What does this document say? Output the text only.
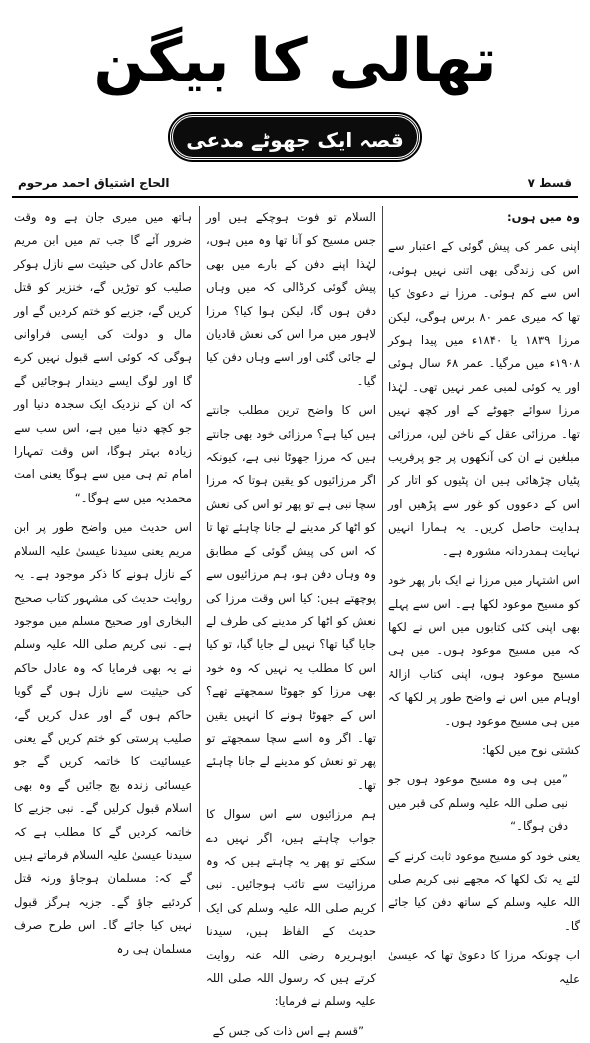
تھالی کا بیگن
قصہ ایک جھوٹے مدعی نبوت کا
الحاج اشتیاق احمد مرحوم	قسط ۷

وہ میں ہوں:

اپنی عمر کی پیش گوئی کے اعتبار سے اس کی زندگی بھی اتنی نہیں ہوئی، اس سے کم ہوئی۔ مرزا نے دعویٰ کیا تھا کہ میری عمر ۸۰ برس ہوگی، لیکن مرزا ۱۸۳۹ یا ۱۸۴۰ء میں پیدا ہوکر ۱۹۰۸ء میں مرگیا۔ عمر ۶۸ سال ہوئی اور یہ کوئی لمبی عمر نہیں تھی۔ لہٰذا مرزا سوائے جھوٹے کے اور کچھ نہیں تھا۔ مرزائی عقل کے ناخن لیں، مرزائی مبلغین نے ان کی آنکھوں پر جو پرفریب پٹیاں چڑھائی ہیں ان پٹیوں کو اتار کر اس کے دعووں کو غور سے پڑھیں اور ہدایت حاصل کریں۔ یہ ہمارا انہیں نہایت ہمدردانہ مشورہ ہے۔

اس اشتہار میں مرزا نے ایک بار پھر خود کو مسیح موعود لکھا ہے۔ اس سے پہلے بھی اپنی کئی کتابوں میں اس نے لکھا کہ میں مسیح موعود ہوں۔ میں ہی مسیح موعود ہوں، اپنی کتاب ازالۂ اوہام میں اس نے واضح طور پر لکھا کہ میں ہی مسیح موعود ہوں۔

کشتی نوح میں لکھا:

”میں ہی وہ مسیح موعود ہوں جو نبی صلی اللہ علیہ وسلم کی قبر میں دفن ہوگا۔“

یعنی خود کو مسیح موعود ثابت کرنے کے لئے یہ تک لکھا کہ مجھے نبی کریم صلی اللہ علیہ وسلم کے ساتھ دفن کیا جائے گا۔

اب چونکہ مرزا کا دعویٰ تھا کہ عیسیٰ علیہ

السلام تو فوت ہوچکے ہیں اور جس مسیح کو آنا تھا وہ میں ہوں، لہٰذا اپنے دفن کے بارے میں بھی پیش گوئی کرڈالی کہ میں وہاں دفن ہوں گا، لیکن ہوا کیا؟ مرزا لاہور میں مرا اس کی نعش قادیان لے جائی گئی اور اسے وہاں دفن کیا گیا۔

اس کا واضح ترین مطلب جانتے ہیں کیا ہے؟ مرزائی خود بھی جانتے ہیں کہ مرزا جھوٹا نبی ہے، کیونکہ اگر مرزائیوں کو یقین ہوتا کہ مرزا سچا نبی ہے تو پھر تو اس کی نعش کو اٹھا کر مدینے لے جانا چاہئے تھا تا کہ اس کی پیش گوئی کے مطابق وہ وہاں دفن ہو، ہم مرزائیوں سے پوچھتے ہیں: کیا اس وقت مرزا کی نعش کو اٹھا کر مدینے کی طرف لے جایا گیا تھا؟ نہیں لے جایا گیا، تو کیا اس کا مطلب یہ نہیں کہ وہ خود بھی مرزا کو جھوٹا سمجھتے تھے؟ اس کے جھوٹا ہونے کا انہیں یقین تھا۔ اگر وہ اسے سچا سمجھتے تو پھر تو نعش کو مدینے لے جانا چاہئے تھا۔

ہم مرزائیوں سے اس سوال کا جواب چاہتے ہیں، اگر نہیں دے سکتے تو پھر یہ چاہتے ہیں کہ وہ مرزائیت سے تائب ہوجائیں۔ نبی کریم صلی اللہ علیہ وسلم کی ایک حدیث کے الفاظ ہیں، سیدنا ابوہریرہ رضی اللہ عنہ روایت کرتے ہیں کہ رسول اللہ صلی اللہ علیہ وسلم نے فرمایا:

”قسم ہے اس ذات کی جس کے

ہاتھ میں میری جان ہے وہ وقت ضرور آئے گا جب تم میں ابن مریم حاکم عادل کی حیثیت سے نازل ہوکر صلیب کو توڑیں گے، خنزیر کو قتل کریں گے، جزیے کو ختم کردیں گے اور مال و دولت کی ایسی فراوانی ہوگی کہ کوئی اسے قبول نہیں کرے گا اور لوگ ایسے دیندار ہوجائیں گے کہ ان کے نزدیک ایک سجدہ دنیا اور جو کچھ دنیا میں ہے، اس سب سے زیادہ بہتر ہوگا، اس وقت تمہارا امام تم ہی میں سے ہوگا یعنی امت محمدیہ میں سے ہوگا۔“

اس حدیث میں واضح طور پر ابن مریم یعنی سیدنا عیسیٰ علیہ السلام کے نازل ہونے کا ذکر موجود ہے۔ یہ روایت حدیث کی مشہور کتاب صحیح البخاری اور صحیح مسلم میں موجود ہے۔ نبی کریم صلی اللہ علیہ وسلم نے یہ بھی فرمایا کہ وہ عادل حاکم کی حیثیت سے نازل ہوں گے گویا حاکم ہوں گے اور عدل کریں گے، صلیب پرستی کو ختم کریں گے یعنی عیسائیت کا خاتمہ کریں گے جو عیسائی زندہ بچ جائیں گے وہ بھی اسلام قبول کرلیں گے۔ نبی جزیے کا خاتمہ کردیں گے کا مطلب ہے کہ سیدنا عیسیٰ علیہ السلام فرماتے ہیں گے کہ: مسلمان ہوجاؤ ورنہ قتل کردئیے جاؤ گے۔ جزیہ ہرگز قبول نہیں کیا جائے گا۔ اس طرح صرف مسلمان ہی رہ
